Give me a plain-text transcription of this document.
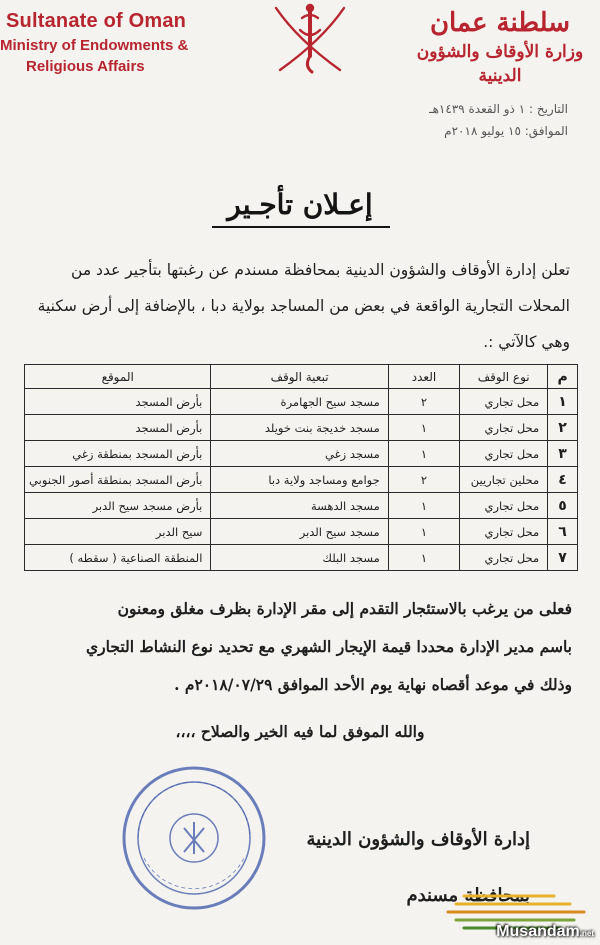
Sultanate of Oman
Ministry of Endowments &
Religious Affairs
سلطنة عمان
وزارة الأوقاف والشؤون الدينية
التاريخ : ١ ذو القعدة ١٤٣٩هـ
الموافق: ١٥ يوليو ٢٠١٨م
إعـلان تأجـير
تعلن إدارة الأوقاف والشؤون الدينية بمحافظة مسندم عن رغبتها بتأجير عدد من المحلات التجارية الواقعة في بعض من المساجد بولاية دبا ، بالإضافة إلى أرض سكنية وهي كالآتي :.
م	نوع الوقف	العدد	تبعية الوقف	الموقع
١	محل تجاري	٢	مسجد سيح الجهامرة	بأرض المسجد
٢	محل تجاري	١	مسجد خديجة بنت خويلد	بأرض المسجد
٣	محل تجاري	١	مسجد زغي	بأرض المسجد بمنطقة زغي
٤	محلين تجاريين	٢	جوامع ومساجد ولاية دبا	بأرض المسجد بمنطقة أصور الجنوبي
٥	محل تجاري	١	مسجد الدهسة	بأرض مسجد سيح الدبر
٦	محل تجاري	١	مسجد سيح الدبر	سيح الدبر
٧	محل تجاري	١	مسجد البلك	المنطقة الصناعية ( سقطه )
فعلى من يرغب بالاستئجار التقدم إلى مقر الإدارة بظرف مغلق ومعنون
باسم مدير الإدارة محددا قيمة الإيجار الشهري مع تحديد نوع النشاط التجاري
وذلك في موعد أقصاه نهاية يوم الأحد الموافق ٢٠١٨/٠٧/٢٩م .
والله الموفق لما فيه الخير والصلاح ،،،،
إدارة الأوقاف والشؤون الدينية
بمحافظة مسندم
Musandam.net
